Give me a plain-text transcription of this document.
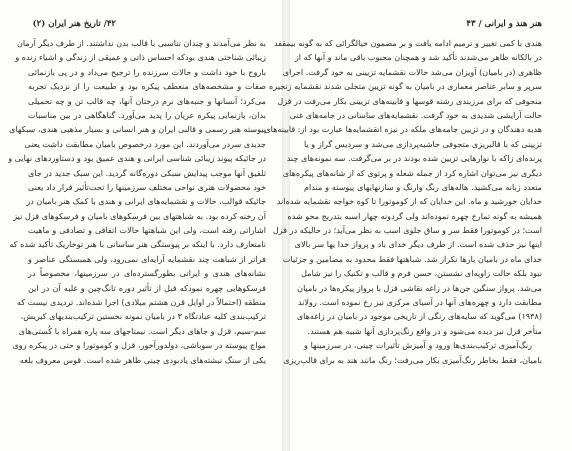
۴۲/ تاریخ هنر ایران (۲)
به نظر می‌آمدند و چندان تناسبی با قالب بدن نداشتند. از طرف دیگر آرمان
زیبائی شناختی هندی بودکه احساس ذاتی و عمیقی از زندگی و اشیاء زنده و
باروح با خود داشت و حالات سرزنده را ترجیح می‌داد و در پی بازنمائی
صفات و مشخصه‌های منعطف پیکره بود و طبیعت را از نزدیک تجربه
می‌کرد؛ آنسانها و جنبه‌های نرم درختان آنها، چه قالب تن و چه تحمیلی
بدان، بازنمایی پیکره عریان را پدید می‌آورد. گناهگاهی در بین مناسبات
پیوسته هنر رسمی و قالبی ایران و هنر انسانی و بسیار مذهبی هندی، سبکهای
جدیدی سردر می‌آوردند. این مورد درخصوص بامیان مطابقت داشت یعنی
در جائیکه پیوند زیبائی شناسی ایرانی و هندی عمیق بود و دستاوردهای نهایی و
تلفیق آنها موجب پیدایش سبکی دوره‌گانه گردید. این سبک جدید در جای
خود محصولات هنری نواحی مختلف سرزمینها را تحت‌تأثیر قرار داد یعنی
جائیکه قوالب، حالات و نقشمایه‌های ایرانی و هندی با کمک هنر بامیان در
آن رخنه کرده بود. به شباهتهای بین فرسکوهای بامیان و فرسکوهای قزل نیز
اشاراتی رفته است، ولی این شباهتها حالات اتفاقی و تصادفی و ماهیت
نامتعارف دارد. با اینکه بر پیوستگی هنر ساسانی با هنر توخاریک تأکید شده که
فراتر از شباهت چند نقشمایه آرایه‌ای نمی‌رود، ولی همبستگی عناصر و
نشانه‌های هندی و ایرانی بطورگسترده‌ای در سرزمینها، مخصوصاً در
فرسکوهایی چهره نمودکه قبل از تأثیر دوره تانگ‌چین و غلبه آن در این
منطقه (احتمالاً در اوایل قرن هشتم میلادی) اجرا شده‌اند. تردیدی نیست که
ترکیب‌بندی کلیه عبادتگاه ۳ در بامیان نمونه نخستین ترکیب‌بندیهای کیریش،
سم-سیم، قزل و جاهای دیگر است. نیمتاجهای سه پاره همراه با کُستی‌های
مواج پیوسته در سوباشی، دولدورآخور، قزل و کوموتورا و حتی در پیکره روی
یکی از سنگ نبشته‌های یادبودی چینی ظاهر شده است. قوس معروف بلغه
هنر هند و ایرانی / ۴۳
هندی با کمی تغییر و ترمیم ادامه یافت و بر مضمون خیالگرائی که به گونه بیمقفد
در بالکانه ظاهر می‌شدند تأکید شد و همچنان محبوب باقی ماند و آنها که از
ظاهری (در بامیان) آویزان می‌شد حالات نقشمایه تزیینی به خود گرفت. اجرای
سرپر و سایر عناصر معماری در بامیان به گونه تزیین متجلی شدند نقشمایه زنجیره
منحوفی که برای مرزبندی رشته قوسها و قابینه‌های تزیینی بکار می‌رفت در قزل
حالت آرایشی شدیدی به خود گرفت. نقشمایه‌های ساسانی در جامه‌های غنی
هدیه دهندگان و در تزیین جامه‌های ملکه در نیزه انقشمایه‌ها عبارت بود از: قابینه‌های
تزیینی که با قالبریزی متجوفی حاشیه‌پردازی می‌شد و سردیس گراز و یا
پرنده‌ای زاکه با نوارهایی تزیین شده بودند در بر می‌گرفت. سه نمونه‌های چند
دیگری نیز می‌توان اشاره کرد از جمله شعله و پرتوی که از شانه‌های پیکره‌های
متعدد زبانه می‌کشید. هاله‌های رنگ وارنگ و سازنهایهای پیوسته و مندام
خدایان خورشید و ماه. این خدایان که از کوموتورا تا کوه خواجه نقشمایه شده‌اند
همیشه به گونه تمارخ چهره نموده‌اند ولی گردونه چهار اسبه بتدریج محو شده
است؛ در کوموتورا فقط سر و ساق جلوی اسب به نظر می‌آید؛ در حالیکه در قزل
اینها نیز حذف شده است. از طرف دیگر خدای باد و پرواز خدا یها سر بالای
خدای ماه در بامیان بارها تکرار شد. شباهتها فقط محدود به مضامین و جزئیات
نبود بلکه حالت زاویه‌ای نشستن، حسن فرم و قالب و تکنیک را نیز شامل
می‌شد. پرواز سنگین جن‌ها در زاغه نقاشی قزل با پرواز پیکره‌ها در بامیان
مطابقت دارد و چهره‌های آنها در آسیای مرکزی نیز رخ نموده است. رولاند
(۱۹۳۸) می‌گوید که سایه‌های رنگی از تاریخی موجود در بامیان در زاغه‌های
متأخر قزل نیز دیده می‌شود و در واقع رنگ‌پردازی آنها شبیه هم هستند.
رنگ‌آمیزی ترکیب‌بندی‌ها ورود و آمیزش تأثیرات چینی، در سرزمینها و
بامیان، فقط بخاطر رنگ‌آمیزی بکار می‌رفت؛ رنگ مانند هند به برای قالب‌ریزی
